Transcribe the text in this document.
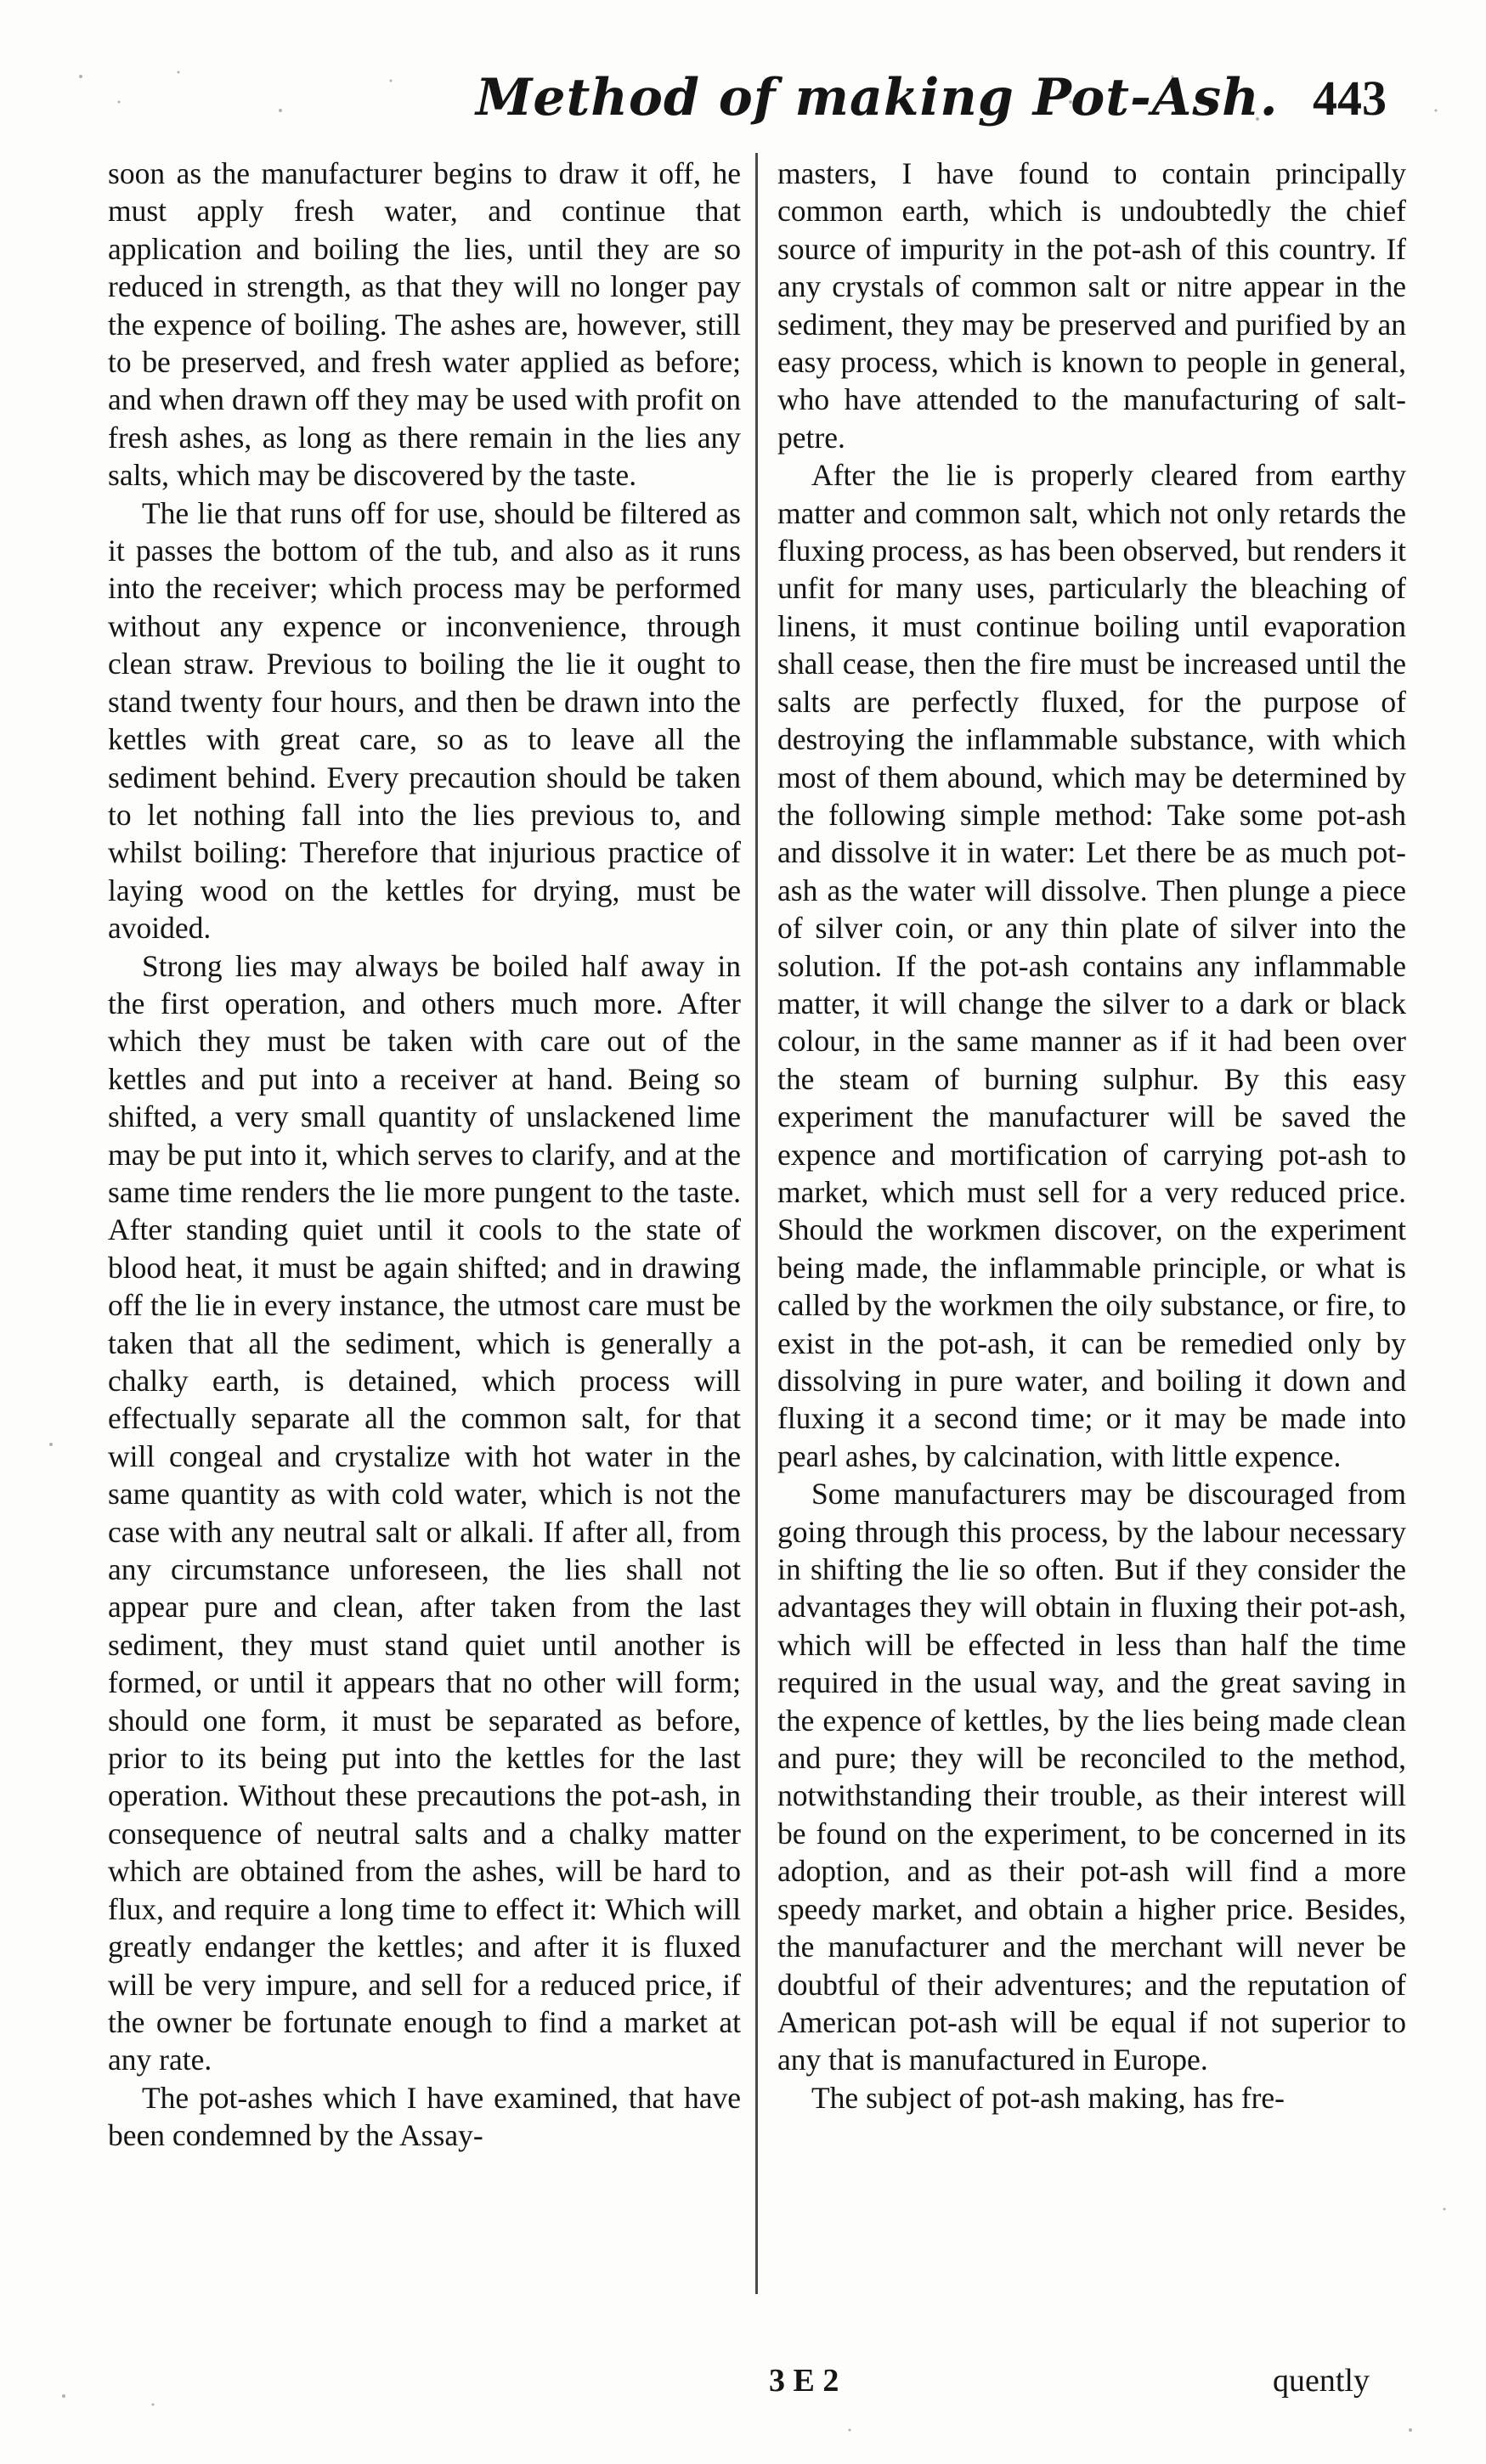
Method of making Pot-Ash. 443

soon as the manufacturer begins to draw it off, he must apply fresh water, and continue that application and boiling the lies, until they are so reduced in strength, as that they will no longer pay the expence of boiling. The ashes are, however, still to be preserved, and fresh water applied as before; and when drawn off they may be used with profit on fresh ashes, as long as there remain in the lies any salts, which may be discovered by the taste.

The lie that runs off for use, should be filtered as it passes the bottom of the tub, and also as it runs into the receiver; which process may be performed without any expence or inconvenience, through clean straw. Previous to boiling the lie it ought to stand twenty four hours, and then be drawn into the kettles with great care, so as to leave all the sediment behind. Every precaution should be taken to let nothing fall into the lies previous to, and whilst boiling: Therefore that injurious practice of laying wood on the kettles for drying, must be avoided.

Strong lies may always be boiled half away in the first operation, and others much more. After which they must be taken with care out of the kettles and put into a receiver at hand. Being so shifted, a very small quantity of unslackened lime may be put into it, which serves to clarify, and at the same time renders the lie more pungent to the taste. After standing quiet until it cools to the state of blood heat, it must be again shifted; and in drawing off the lie in every instance, the utmost care must be taken that all the sediment, which is generally a chalky earth, is detained, which process will effectually separate all the common salt, for that will congeal and crystalize with hot water in the same quantity as with cold water, which is not the case with any neutral salt or alkali. If after all, from any circumstance unforeseen, the lies shall not appear pure and clean, after taken from the last sediment, they must stand quiet until another is formed, or until it appears that no other will form; should one form, it must be separated as before, prior to its being put into the kettles for the last operation. Without these precautions the pot-ash, in consequence of neutral salts and a chalky matter which are obtained from the ashes, will be hard to flux, and require a long time to effect it: Which will greatly endanger the kettles; and after it is fluxed will be very impure, and sell for a reduced price, if the owner be fortunate enough to find a market at any rate.

The pot-ashes which I have examined, that have been condemned by the Assay-

masters, I have found to contain principally common earth, which is undoubtedly the chief source of impurity in the pot-ash of this country. If any crystals of common salt or nitre appear in the sediment, they may be preserved and purified by an easy process, which is known to people in general, who have attended to the manufacturing of salt-petre.

After the lie is properly cleared from earthy matter and common salt, which not only retards the fluxing process, as has been observed, but renders it unfit for many uses, particularly the bleaching of linens, it must continue boiling until evaporation shall cease, then the fire must be increased until the salts are perfectly fluxed, for the purpose of destroying the inflammable substance, with which most of them abound, which may be determined by the following simple method: Take some pot-ash and dissolve it in water: Let there be as much pot-ash as the water will dissolve. Then plunge a piece of silver coin, or any thin plate of silver into the solution. If the pot-ash contains any inflammable matter, it will change the silver to a dark or black colour, in the same manner as if it had been over the steam of burning sulphur. By this easy experiment the manufacturer will be saved the expence and mortification of carrying pot-ash to market, which must sell for a very reduced price. Should the workmen discover, on the experiment being made, the inflammable principle, or what is called by the workmen the oily substance, or fire, to exist in the pot-ash, it can be remedied only by dissolving in pure water, and boiling it down and fluxing it a second time; or it may be made into pearl ashes, by calcination, with little expence.

Some manufacturers may be discouraged from going through this process, by the labour necessary in shifting the lie so often. But if they consider the advantages they will obtain in fluxing their pot-ash, which will be effected in less than half the time required in the usual way, and the great saving in the expence of kettles, by the lies being made clean and pure; they will be reconciled to the method, notwithstanding their trouble, as their interest will be found on the experiment, to be concerned in its adoption, and as their pot-ash will find a more speedy market, and obtain a higher price. Besides, the manufacturer and the merchant will never be doubtful of their adventures; and the reputation of American pot-ash will be equal if not superior to any that is manufactured in Europe.

The subject of pot-ash making, has fre-

3 E 2	quently
